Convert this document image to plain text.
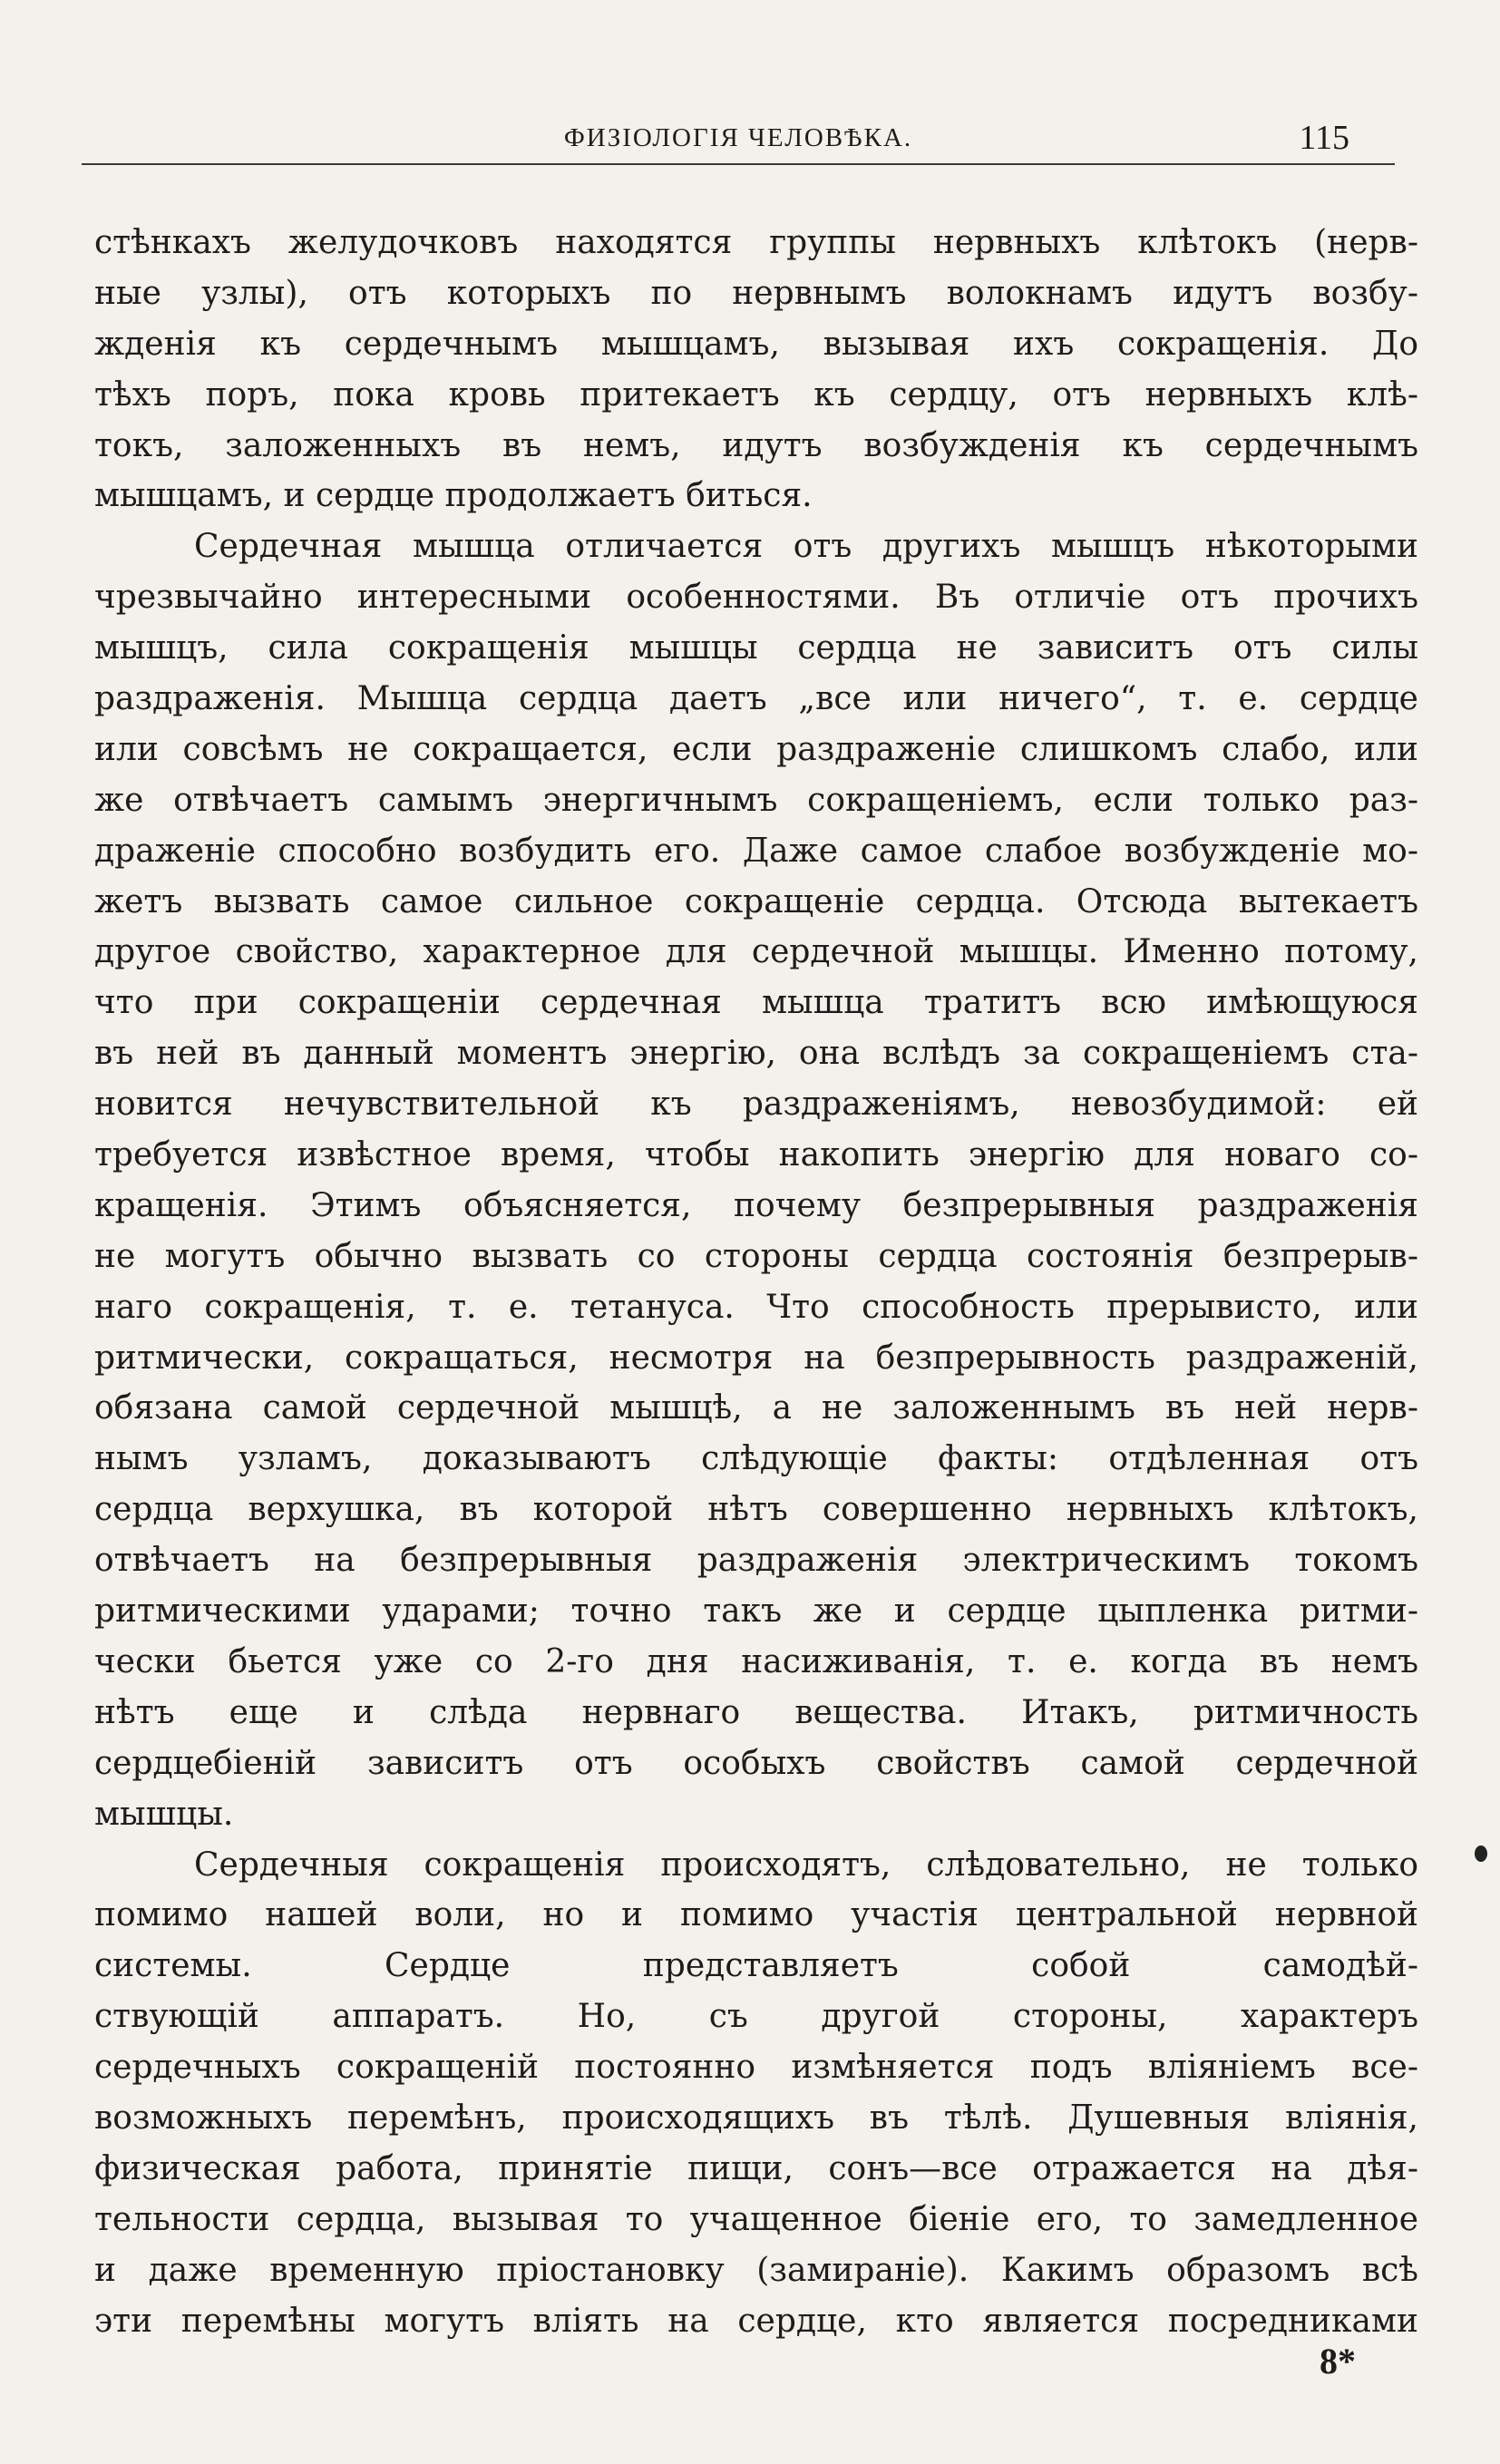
ФИЗІОЛОГІЯ ЧЕЛОВѢКА.	115
стѣнкахъ желудочковъ находятся группы нервныхъ клѣтокъ (нерв-
ные узлы), отъ которыхъ по нервнымъ волокнамъ идутъ возбу-
жденія къ сердечнымъ мышцамъ, вызывая ихъ сокращенія. До
тѣхъ поръ, пока кровь притекаетъ къ сердцу, отъ нервныхъ клѣ-
токъ, заложенныхъ въ немъ, идутъ возбужденія къ сердечнымъ
мышцамъ, и сердце продолжаетъ биться.
Сердечная мышца отличается отъ другихъ мышцъ нѣкоторыми
чрезвычайно интересными особенностями. Въ отличіе отъ прочихъ
мышцъ, сила сокращенія мышцы сердца не зависитъ отъ силы
раздраженія. Мышца сердца даетъ „все или ничего“, т. е. сердце
или совсѣмъ не сокращается, если раздраженіе слишкомъ слабо, или
же отвѣчаетъ самымъ энергичнымъ сокращеніемъ, если только раз-
драженіе способно возбудить его. Даже самое слабое возбужденіе мо-
жетъ вызвать самое сильное сокращеніе сердца. Отсюда вытекаетъ
другое свойство, характерное для сердечной мышцы. Именно потому,
что при сокращеніи сердечная мышца тратитъ всю имѣющуюся
въ ней въ данный моментъ энергію, она вслѣдъ за сокращеніемъ ста-
новится нечувствительной къ раздраженіямъ, невозбудимой: ей
требуется извѣстное время, чтобы накопить энергію для новаго со-
кращенія. Этимъ объясняется, почему безпрерывныя раздраженія
не могутъ обычно вызвать со стороны сердца состоянія безпрерыв-
наго сокращенія, т. е. тетануса. Что способность прерывисто, или
ритмически, сокращаться, несмотря на безпрерывность раздраженій,
обязана самой сердечной мышцѣ, а не заложеннымъ въ ней нерв-
нымъ узламъ, доказываютъ слѣдующіе факты: отдѣленная отъ
сердца верхушка, въ которой нѣтъ совершенно нервныхъ клѣтокъ,
отвѣчаетъ на безпрерывныя раздраженія электрическимъ токомъ
ритмическими ударами; точно такъ же и сердце цыпленка ритми-
чески бьется уже со 2-го дня насиживанія, т. е. когда въ немъ
нѣтъ еще и слѣда нервнаго вещества. Итакъ, ритмичность
сердцебіеній зависитъ отъ особыхъ свойствъ самой сердечной
мышцы.
Сердечныя сокращенія происходятъ, слѣдовательно, не только
помимо нашей воли, но и помимо участія центральной нервной
системы. Сердце представляетъ собой самодѣй-
ствующій аппаратъ. Но, съ другой стороны, характеръ
сердечныхъ сокращеній постоянно измѣняется подъ вліяніемъ все-
возможныхъ перемѣнъ, происходящихъ въ тѣлѣ. Душевныя вліянія,
физическая работа, принятіе пищи, сонъ—все отражается на дѣя-
тельности сердца, вызывая то учащенное біеніе его, то замедленное
и даже временную пріостановку (замираніе). Какимъ образомъ всѣ
эти перемѣны могутъ вліять на сердце, кто является посредниками
8*
